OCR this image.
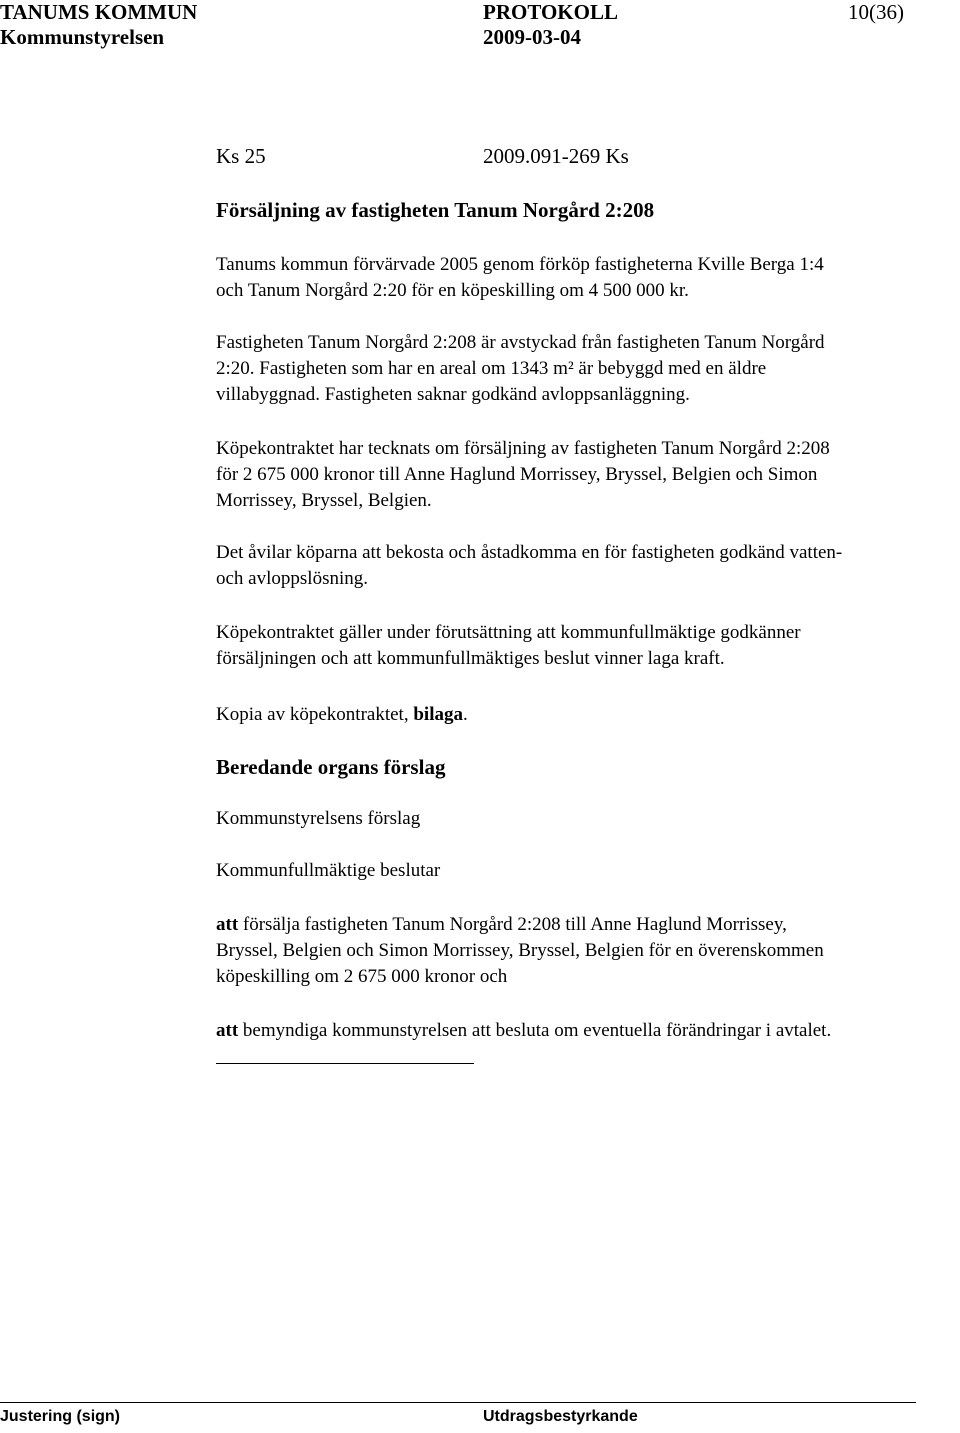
TANUMS KOMMUN	PROTOKOLL	10(36)
Kommunstyrelsen	2009-03-04
Ks 25	2009.091-269 Ks
Försäljning av fastigheten Tanum Norgård 2:208

Tanums kommun förvärvade 2005 genom förköp fastigheterna Kville Berga 1:4

och Tanum Norgård 2:20 för en köpeskilling om 4 500 000 kr.

Fastigheten Tanum Norgård 2:208 är avstyckad från fastigheten Tanum Norgård

2:20. Fastigheten som har en areal om 1343 m² är bebyggd med en äldre

villabyggnad. Fastigheten saknar godkänd avloppsanläggning.

Köpekontraktet har tecknats om försäljning av fastigheten Tanum Norgård 2:208

för 2 675 000 kronor till Anne Haglund Morrissey, Bryssel, Belgien och Simon

Morrissey, Bryssel, Belgien.

Det åvilar köparna att bekosta och åstadkomma en för fastigheten godkänd vatten-

och avloppslösning.

Köpekontraktet gäller under förutsättning att kommunfullmäktige godkänner

försäljningen och att kommunfullmäktiges beslut vinner laga kraft.

Kopia av köpekontraktet, bilaga.

Beredande organs förslag
Kommunstyrelsens förslag
Kommunfullmäktige beslutar

att försälja fastigheten Tanum Norgård 2:208 till Anne Haglund Morrissey,

Bryssel, Belgien och Simon Morrissey, Bryssel, Belgien för en överenskommen

köpeskilling om 2 675 000 kronor och

att bemyndiga kommunstyrelsen att besluta om eventuella förändringar i avtalet.

Justering (sign)	Utdragsbestyrkande
